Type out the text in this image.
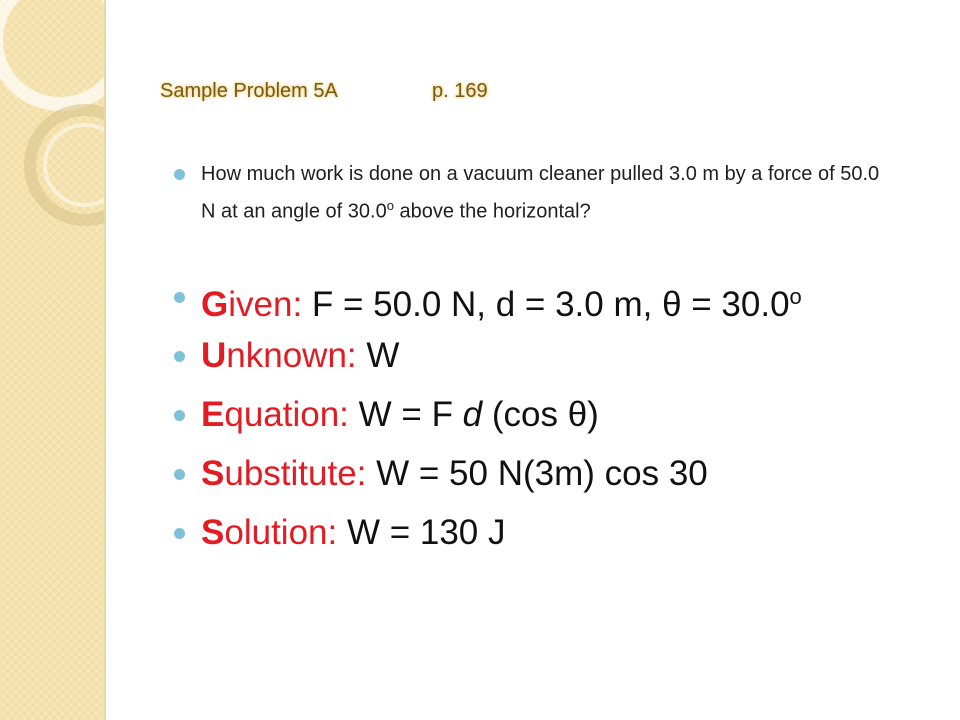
Sample Problem 5A	p. 169
How much work is done on a vacuum cleaner pulled 3.0 m by a force of 50.0 N at an angle of 30.0$^o$ above the horizontal?
Given: F = 50.0 N, d = 3.0 m, $\theta = 30.0^o$
Unknown: W
Equation: W = F d (cos θ)
Substitute: W = 50 N(3m) cos 30
Solution: W = 130 J
